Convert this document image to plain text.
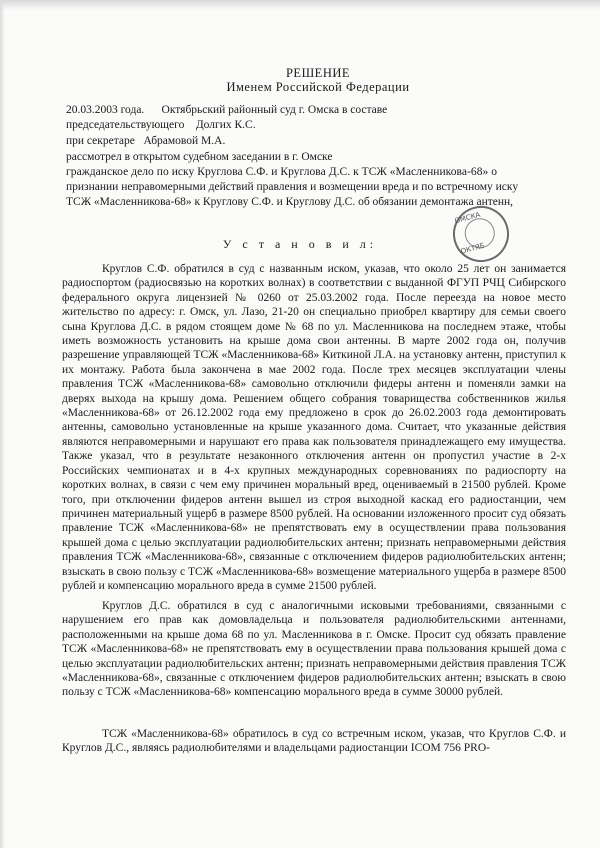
РЕШЕНИЕ
Именем Российской Федерации
20.03.2003 года.      Октябрьский районный суд г. Омска в составе
председательствующего    Долгих К.С.
при секретаре   Абрамовой М.А.
рассмотрел в открытом судебном заседании в г. Омске
гражданское дело по иску Круглова С.Ф. и Круглова Д.С. к ТСЖ «Масленникова-68» о
признании неправомерными действий правления и возмещении вреда и по встречному иску
ТСЖ «Масленникова-68» к Круглову С.Ф. и Круглову Д.С. об обязании демонтажа антенн,
ОМСКА
ОКТЯБ
У с т а н о в и л:

Круглов С.Ф. обратился в суд с названным иском, указав, что около 25 лет он занимается радиоспортом (радиосвязью на коротких волнах) в соответствии с выданной ФГУП РЧЦ Сибирского федерального округа лицензией № 0260 от 25.03.2002 года. После переезда на новое место жительство по адресу: г. Омск, ул. Лазо, 21-20 он специально приобрел квартиру для семьи своего сына Круглова Д.С. в рядом стоящем доме № 68 по ул. Масленникова на последнем этаже, чтобы иметь возможность установить на крыше дома свои антенны. В марте 2002 года он, получив разрешение управляющей ТСЖ «Масленникова-68» Киткиной Л.А. на установку антенн, приступил к их монтажу. Работа была закончена в мае 2002 года. После трех месяцев эксплуатации члены правления ТСЖ «Масленникова-68» самовольно отключили фидеры антенн и поменяли замки на дверях выхода на крышу дома. Решением общего собрания товарищества собственников жилья «Масленникова-68» от 26.12.2002 года ему предложено в срок до 26.02.2003 года демонтировать антенны, самовольно установленные на крыше указанного дома. Считает, что указанные действия являются неправомерными и нарушают его права как пользователя принадлежащего ему имущества. Также указал, что в результате незаконного отключения антенн он пропустил участие в 2-х Российских чемпионатах и в 4-х крупных международных соревнованиях по радиоспорту на коротких волнах, в связи с чем ему причинен моральный вред, оцениваемый в 21500 рублей. Кроме того, при отключении фидеров антенн вышел из строя выходной каскад его радиостанции, чем причинен материальный ущерб в размере 8500 рублей. На основании изложенного просит суд обязать правление ТСЖ «Масленникова-68» не препятствовать ему в осуществлении права пользования крышей дома с целью эксплуатации радиолюбительских антенн; признать неправомерными действия правления ТСЖ «Масленникова-68», связанные с отключением фидеров радиолюбительских антенн; взыскать в свою пользу с ТСЖ «Масленникова-68» возмещение материального ущерба в размере 8500 рублей и компенсацию морального вреда в сумме 21500 рублей.

Круглов Д.С. обратился в суд с аналогичными исковыми требованиями, связанными с нарушением его прав как домовладельца и пользователя радиолюбительскими антеннами, расположенными на крыше дома 68 по ул. Масленникова в г. Омске. Просит суд обязать правление ТСЖ «Масленникова-68» не препятствовать ему в осуществлении права пользования крышей дома с целью эксплуатации радиолюбительских антенн; признать неправомерными действия правления ТСЖ «Масленникова-68», связанные с отключением фидеров радиолюбительских антенн; взыскать в свою пользу с ТСЖ «Масленникова-68» компенсацию морального вреда в сумме 30000 рублей.

ТСЖ «Масленникова-68» обратилось в суд со встречным иском, указав, что Круглов С.Ф. и Круглов Д.С., являясь радиолюбителями и владельцами радиостанции ICOM 756 PRO-
